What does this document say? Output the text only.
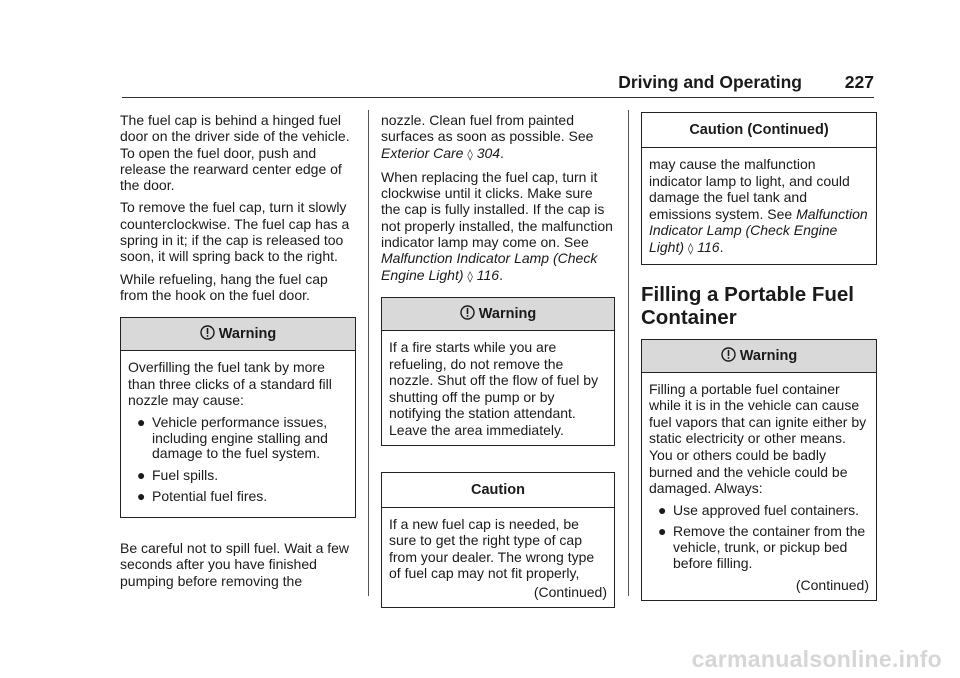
Driving and Operating 227

The fuel cap is behind a hinged fuel door on the driver side of the vehicle. To open the fuel door, push and release the rearward center edge of the door.

To remove the fuel cap, turn it slowly counterclockwise. The fuel cap has a spring in it; if the cap is released too soon, it will spring back to the right.

While refueling, hang the fuel cap from the hook on the fuel door.

Warning
Overfilling the fuel tank by more than three clicks of a standard fill nozzle may cause:
● Vehicle performance issues, including engine stalling and damage to the fuel system.
● Fuel spills.
● Potential fuel fires.

Be careful not to spill fuel. Wait a few seconds after you have finished pumping before removing the

nozzle. Clean fuel from painted surfaces as soon as possible. See Exterior Care ◊ 304.

When replacing the fuel cap, turn it clockwise until it clicks. Make sure the cap is fully installed. If the cap is not properly installed, the malfunction indicator lamp may come on. See Malfunction Indicator Lamp (Check Engine Light) ◊ 116.

Warning
If a fire starts while you are refueling, do not remove the nozzle. Shut off the flow of fuel by shutting off the pump or by notifying the station attendant. Leave the area immediately.
Caution
If a new fuel cap is needed, be sure to get the right type of cap from your dealer. The wrong type of fuel cap may not fit properly,
(Continued)
Caution (Continued)
may cause the malfunction indicator lamp to light, and could damage the fuel tank and emissions system. See Malfunction Indicator Lamp (Check Engine Light) ◊ 116.
Filling a Portable Fuel Container
Warning
Filling a portable fuel container while it is in the vehicle can cause fuel vapors that can ignite either by static electricity or other means. You or others could be badly burned and the vehicle could be damaged. Always:
● Use approved fuel containers.
● Remove the container from the vehicle, trunk, or pickup bed before filling.
(Continued)
carmanualsonline.info
